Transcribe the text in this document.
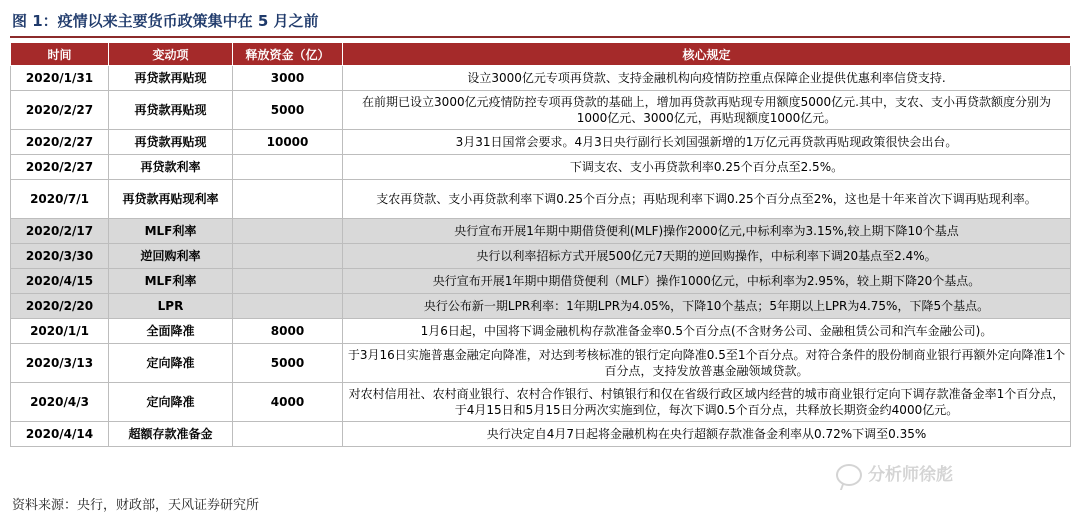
图 1：疫情以来主要货币政策集中在 5 月之前
时间	变动项	释放资金（亿）	核心规定
2020/1/31	再贷款再贴现	3000	设立3000亿元专项再贷款、支持金融机构向疫情防控重点保障企业提供优惠利率信贷支持.
2020/2/27	再贷款再贴现	5000	在前期已设立3000亿元疫情防控专项再贷款的基础上，增加再贷款再贴现专用额度5000亿元.其中，支农、支小再贷款额度分别为1000亿元、3000亿元，再贴现额度1000亿元。
2020/2/27	再贷款再贴现	10000	3月31日国常会要求。4月3日央行副行长刘国强新增的1万亿元再贷款再贴现政策很快会出台。
2020/2/27	再贷款利率		下调支农、支小再贷款利率0.25个百分点至2.5%。
2020/7/1	再贷款再贴现利率		支农再贷款、支小再贷款利率下调0.25个百分点；再贴现利率下调0.25个百分点至2%，这也是十年来首次下调再贴现利率。
2020/2/17	MLF利率		央行宣布开展1年期中期借贷便利(MLF)操作2000亿元,中标利率为3.15%,较上期下降10个基点
2020/3/30	逆回购利率		央行以利率招标方式开展500亿元7天期的逆回购操作，中标利率下调20基点至2.4%。
2020/4/15	MLF利率		央行宣布开展1年期中期借贷便利（MLF）操作1000亿元，中标利率为2.95%，较上期下降20个基点。
2020/2/20	LPR		央行公布新一期LPR利率：1年期LPR为4.05%，下降10个基点；5年期以上LPR为4.75%，下降5个基点。
2020/1/1	全面降准	8000	1月6日起，中国将下调金融机构存款准备金率0.5个百分点(不含财务公司、金融租赁公司和汽车金融公司)。
2020/3/13	定向降准	5000	于3月16日实施普惠金融定向降准，对达到考核标准的银行定向降准0.5至1个百分点。对符合条件的股份制商业银行再额外定向降准1个百分点，支持发放普惠金融领域贷款。
2020/4/3	定向降准	4000	对农村信用社、农村商业银行、农村合作银行、村镇银行和仅在省级行政区域内经营的城市商业银行定向下调存款准备金率1个百分点，于4月15日和5月15日分两次实施到位，每次下调0.5个百分点，共释放长期资金约4000亿元。
2020/4/14	超额存款准备金		央行决定自4月7日起将金融机构在央行超额存款准备金利率从0.72%下调至0.35%
分析师徐彪
资料来源：央行，财政部，天风证券研究所
